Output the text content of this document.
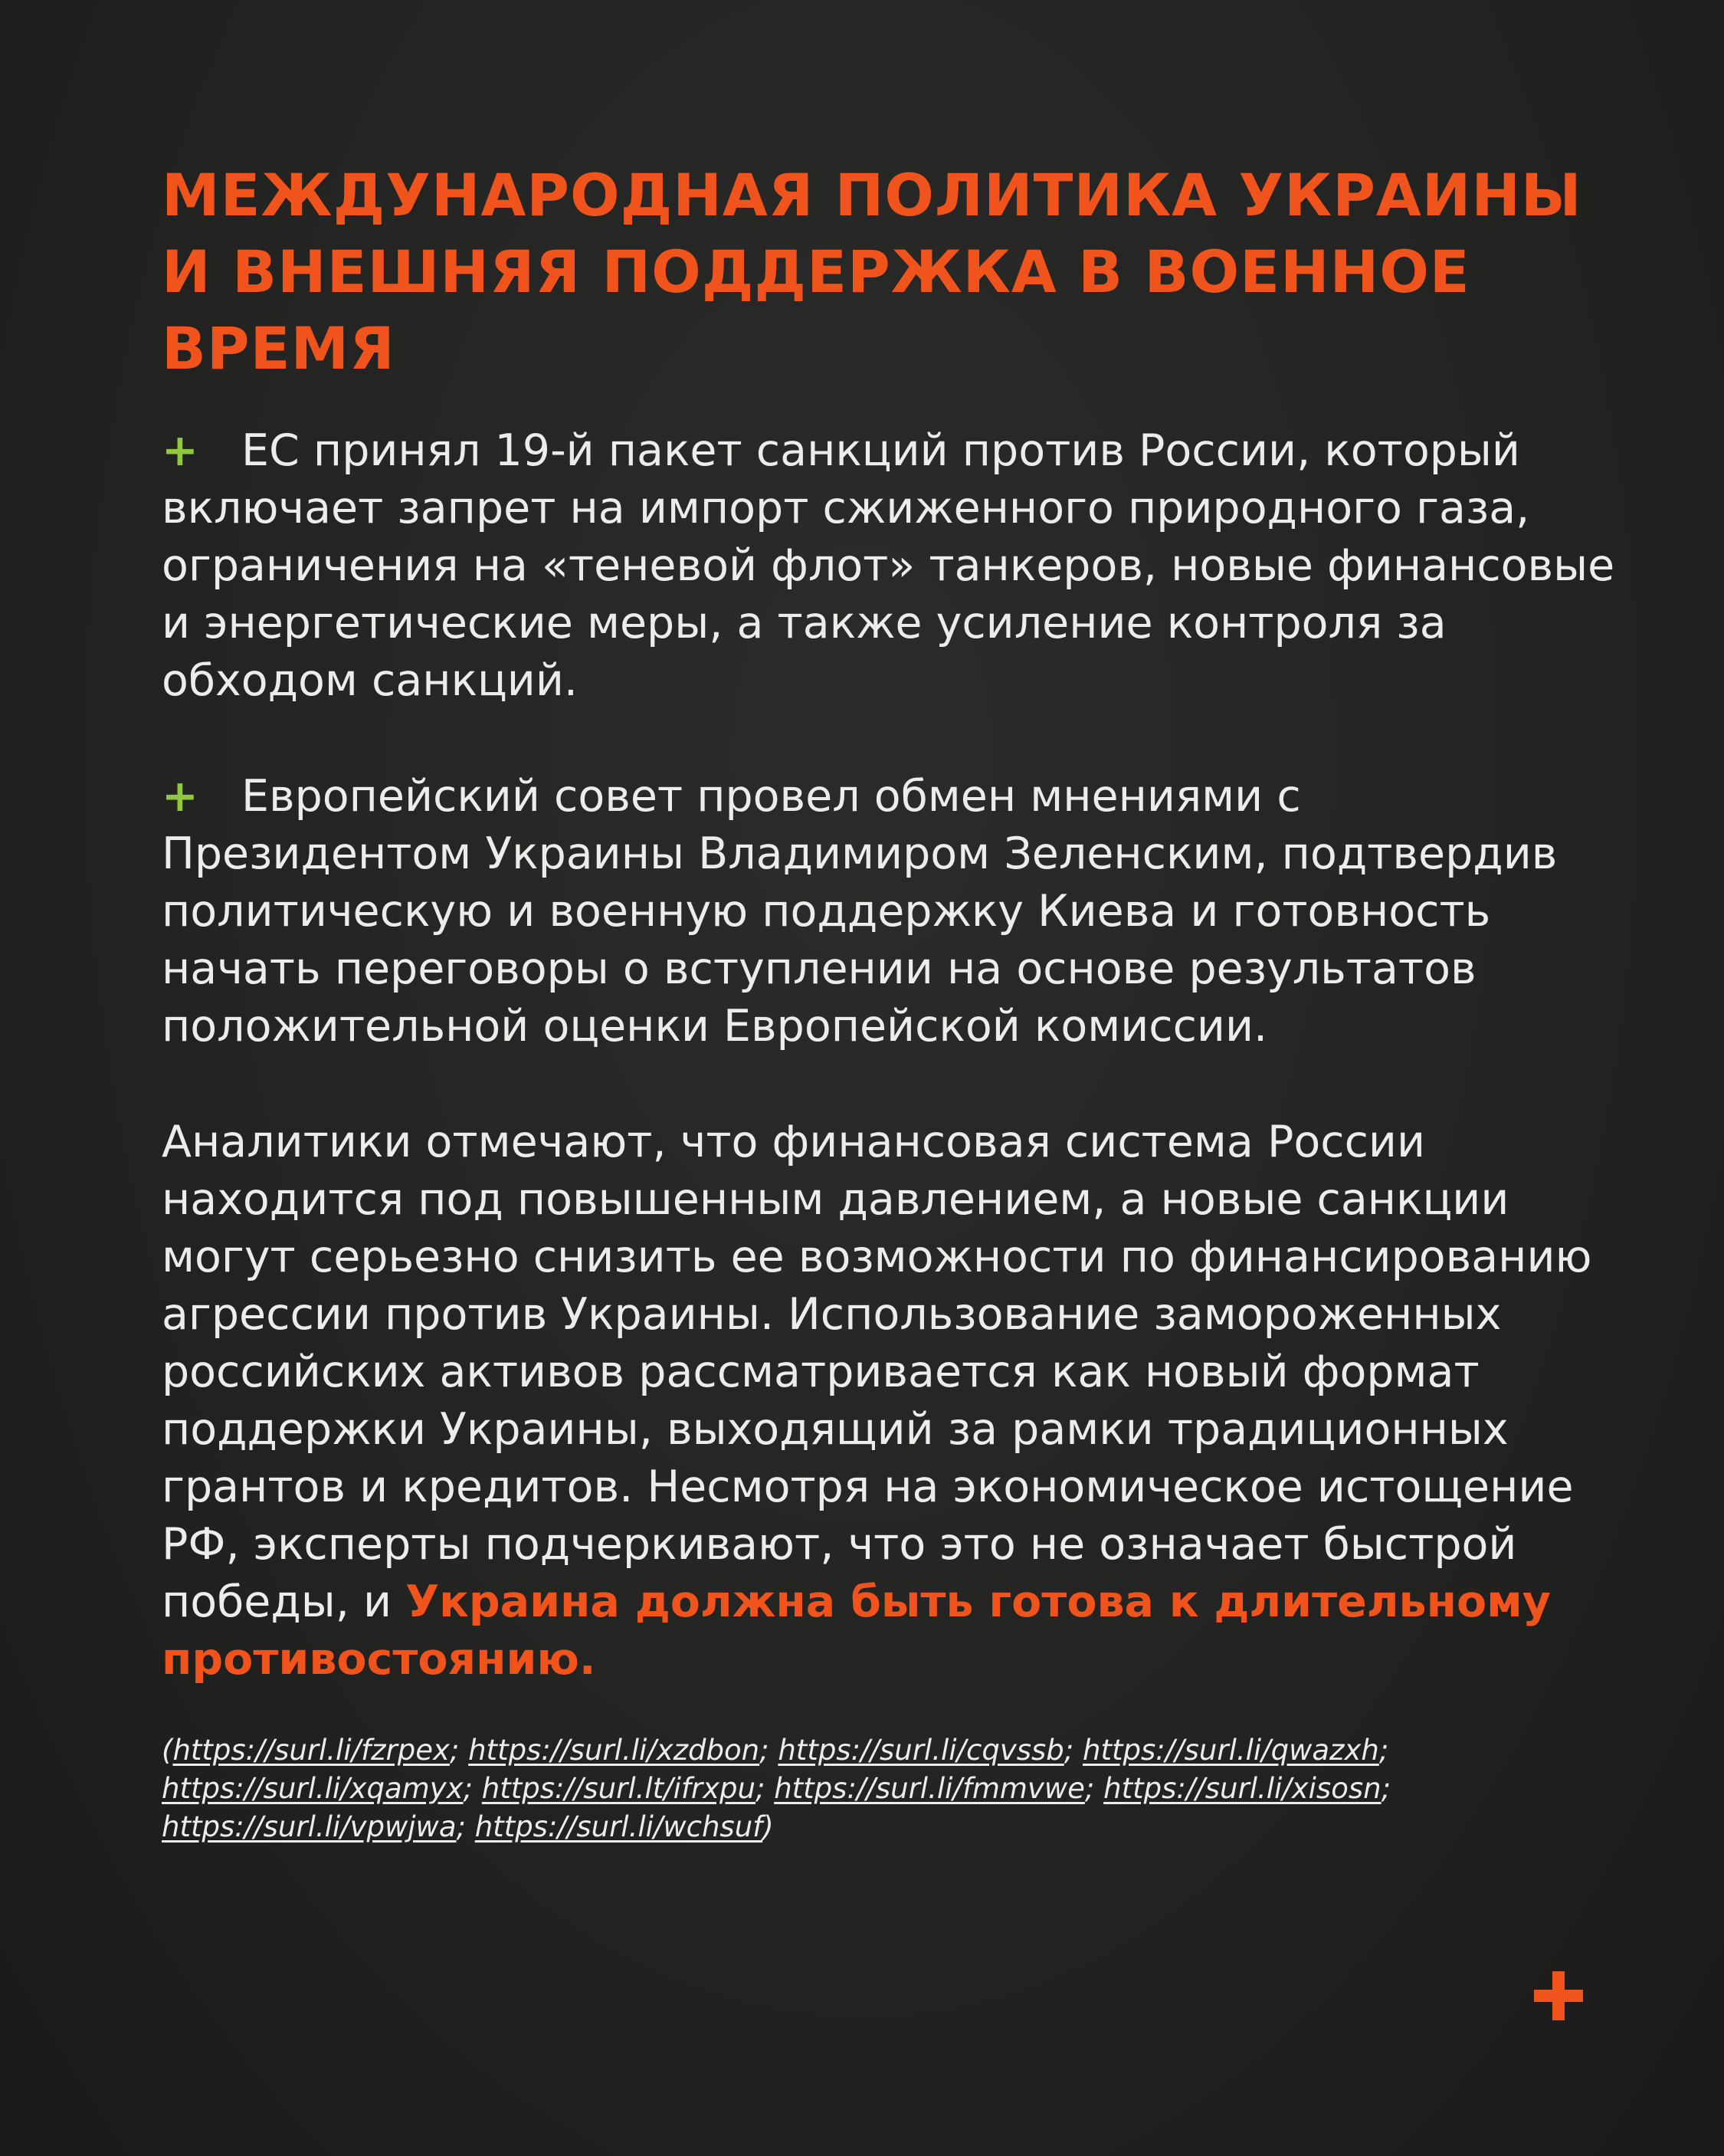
МЕЖДУНАРОДНАЯ ПОЛИТИКА УКРАИНЫ И ВНЕШНЯЯ ПОДДЕРЖКА В ВОЕННОЕ ВРЕМЯ

+ ЕС принял 19-й пакет санкций против России, который включает запрет на импорт сжиженного природного газа, ограничения на «теневой флот» танкеров, новые финансовые и энергетические меры, а также усиление контроля за обходом санкций.

+ Европейский совет провел обмен мнениями с Президентом Украины Владимиром Зеленским, подтвердив политическую и военную поддержку Киева и готовность начать переговоры о вступлении на основе результатов положительной оценки Европейской комиссии.

Аналитики отмечают, что финансовая система России находится под повышенным давлением, а новые санкции могут серьезно снизить ее возможности по финансированию агрессии против Украины. Использование замороженных российских активов рассматривается как новый формат поддержки Украины, выходящий за рамки традиционных грантов и кредитов. Несмотря на экономическое истощение РФ, эксперты подчеркивают, что это не означает быстрой победы, и Украина должна быть готова к длительному противостоянию.

(https://surl.li/fzrpex; https://surl.li/xzdbon; https://surl.li/cqvssb; https://surl.li/qwazxh; https://surl.li/xqamyx; https://surl.lt/ifrxpu; https://surl.li/fmmvwe; https://surl.li/xisosn; https://surl.li/vpwjwa; https://surl.li/wchsuf)
